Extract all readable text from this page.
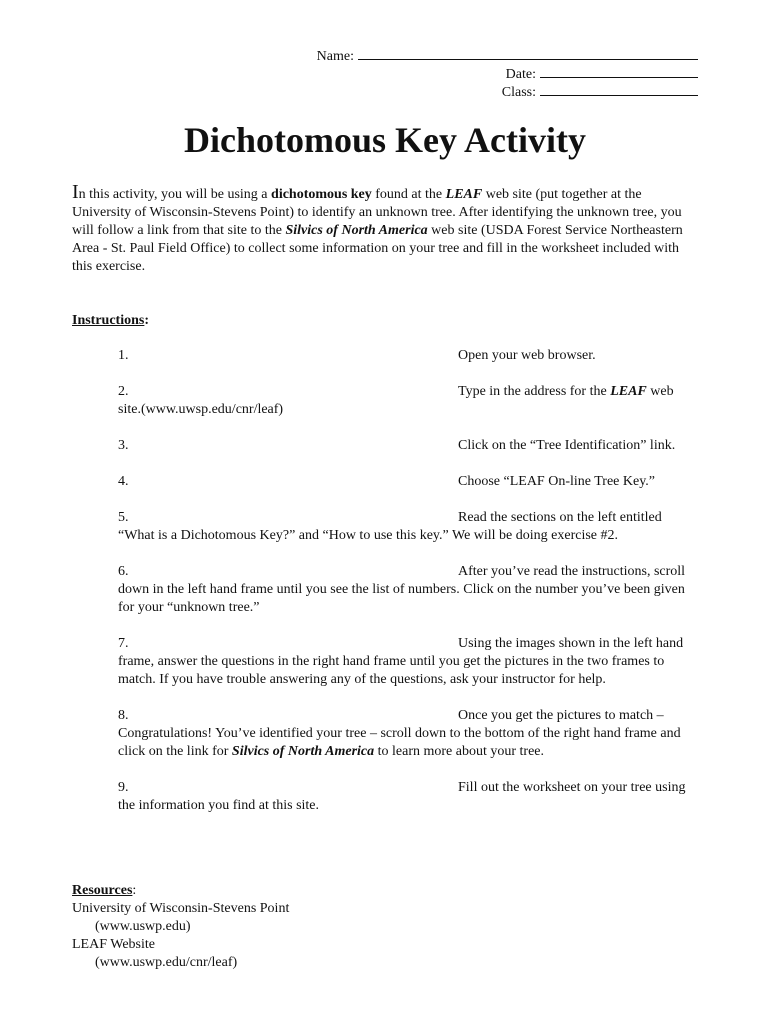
Name:
Date:
Class:
Dichotomous Key Activity

In this activity, you will be using a dichotomous key found at the LEAF web site (put together at the University of Wisconsin-Stevens Point) to identify an unknown tree. After identifying the unknown tree, you will follow a link from that site to the Silvics of North America web site (USDA Forest Service Northeastern Area - St. Paul Field Office) to collect some information on your tree and fill in the worksheet included with this exercise.

Instructions:
1.	Open your web browser.
2.	Type in the address for the LEAF web site.(www.uwsp.edu/cnr/leaf)
3.	Click on the “Tree Identification” link.
4.	Choose “LEAF On-line Tree Key.”
5.	Read the sections on the left entitled “What is a Dichotomous Key?” and “How to use this key.” We will be doing exercise #2.
6.	After you’ve read the instructions, scroll down in the left hand frame until you see the list of numbers. Click on the number you’ve been given for your “unknown tree.”
7.	Using the images shown in the left hand frame, answer the questions in the right hand frame until you get the pictures in the two frames to match. If you have trouble answering any of the questions, ask your instructor for help.
8.	Once you get the pictures to match – Congratulations! You’ve identified your tree – scroll down to the bottom of the right hand frame and click on the link for Silvics of North America to learn more about your tree.
9.	Fill out the worksheet on your tree using the information you find at this site.
Resources:
University of Wisconsin-Stevens Point
(www.uswp.edu)
LEAF Website
(www.uswp.edu/cnr/leaf)
